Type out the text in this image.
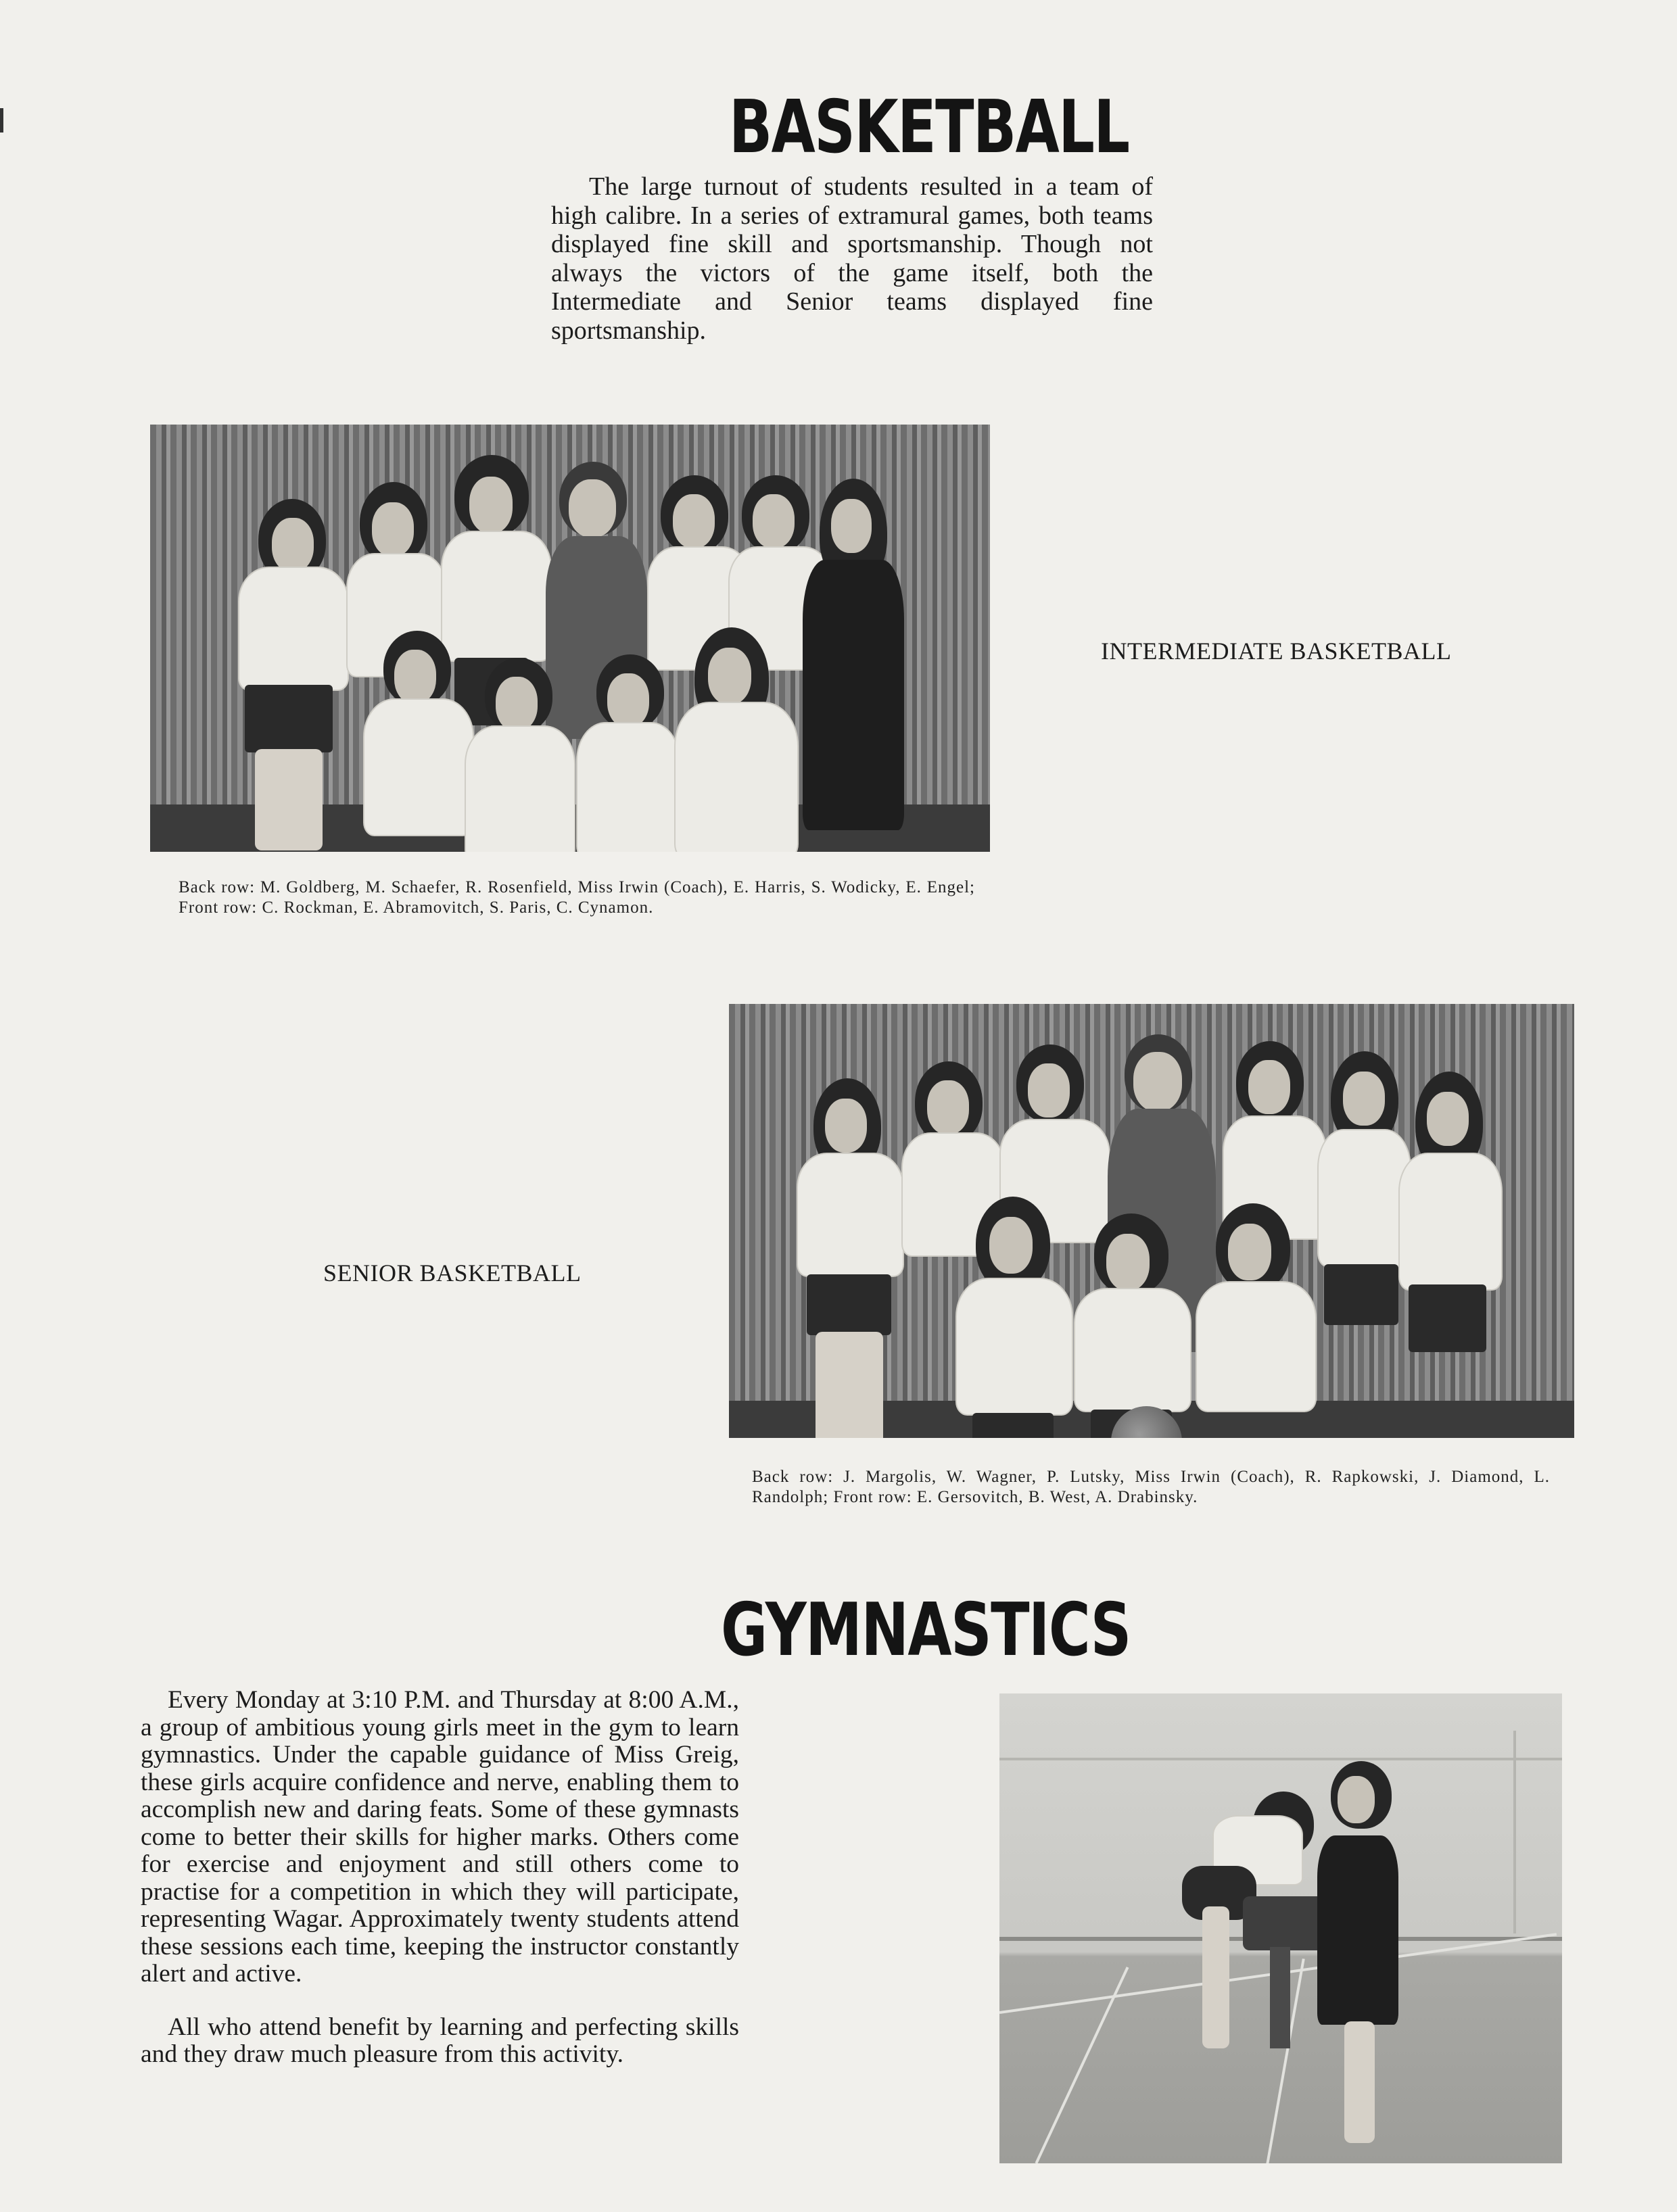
BASKETBALL
The large turnout of students resulted in a team of high calibre. In a series of extramural games, both teams displayed fine skill and sportsmanship. Though not always the victors of the game itself, both the Intermediate and Senior teams displayed fine sportsmanship.
INTERMEDIATE BASKETBALL
Back row: M. Goldberg, M. Schaefer, R. Rosenfield, Miss Irwin (Coach), E. Harris, S. Wodicky, E. Engel; Front row: C. Rockman, E. Abramovitch, S. Paris, C. Cynamon.
SENIOR BASKETBALL
Back row: J. Margolis, W. Wagner, P. Lutsky, Miss Irwin (Coach), R. Rapkowski, J. Diamond, L. Randolph; Front row: E. Gersovitch, B. West, A. Drabinsky.
GYMNASTICS

Every Monday at 3:10 P.M. and Thursday at 8:00 A.M., a group of ambitious young girls meet in the gym to learn gymnastics. Under the capable guidance of Miss Greig, these girls acquire confidence and nerve, enabling them to accomplish new and daring feats. Some of these gymnasts come to better their skills for higher marks. Others come for exercise and enjoyment and still others come to practise for a competition in which they will participate, representing Wagar. Approximately twenty students attend these sessions each time, keeping the instructor constantly alert and active.

All who attend benefit by learning and perfecting skills and they draw much pleasure from this activity.
